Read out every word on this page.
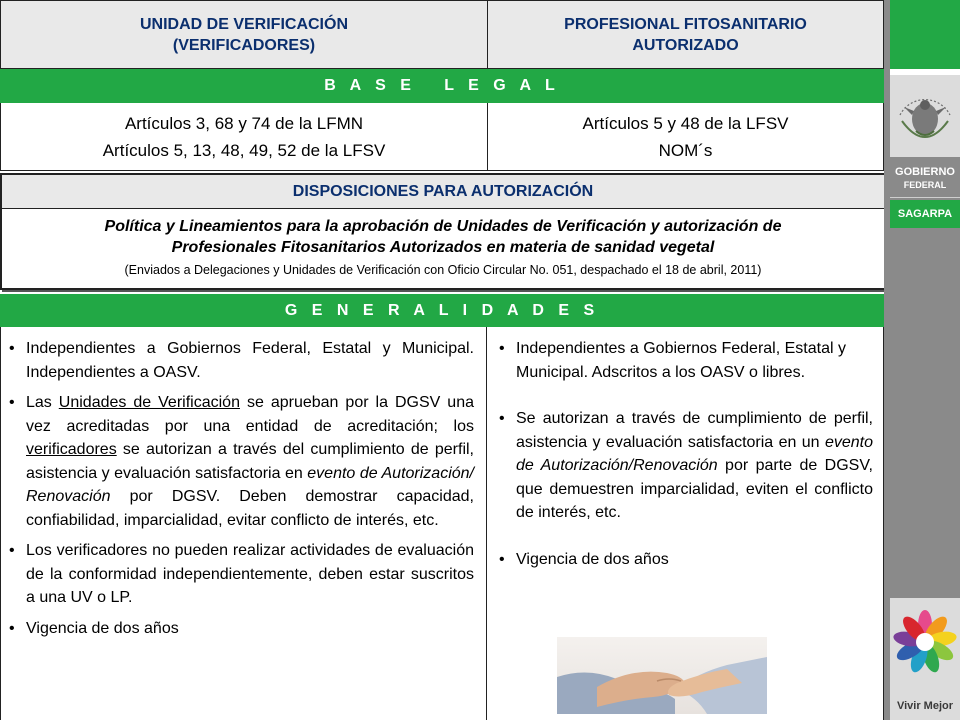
UNIDAD DE VERIFICACIÓN
(VERIFICADORES)
PROFESIONAL FITOSANITARIO
AUTORIZADO
B A S E   L E G A L
Artículos 3, 68 y 74 de la LFMN
Artículos 5, 13, 48, 49, 52 de la LFSV
Artículos 5 y 48 de la LFSV
NOM´s
DISPOSICIONES PARA AUTORIZACIÓN
Política y Lineamientos para la aprobación de Unidades de Verificación y autorización de
Profesionales Fitosanitarios Autorizados en materia de sanidad vegetal
(Enviados a Delegaciones y Unidades de Verificación con Oficio Circular No. 051, despachado el 18 de abril, 2011)
G E N E R A L I D A D E S
• Independientes a Gobiernos Federal, Estatal y Municipal. Independientes a OASV.
• Las Unidades de Verificación se aprueban por la DGSV una vez acreditadas por una entidad de acreditación; los verificadores se autorizan a través del cumplimiento de perfil, asistencia y evaluación satisfactoria en evento de Autorización/ Renovación por DGSV. Deben demostrar capacidad, confiabilidad, imparcialidad, evitar conflicto de interés, etc.
• Los verificadores no pueden realizar actividades de evaluación de la conformidad independientemente, deben estar suscritos a una UV o LP.
• Vigencia de dos años
• Independientes a Gobiernos Federal, Estatal y Municipal. Adscritos a los OASV o libres.
• Se autorizan a través de cumplimiento de perfil, asistencia y evaluación satisfactoria en un evento de Autorización/Renovación por parte de DGSV, que demuestren imparcialidad, eviten el conflicto de interés, etc.
• Vigencia de dos años
GOBIERNO
FEDERAL
SAGARPA
Vivir Mejor
